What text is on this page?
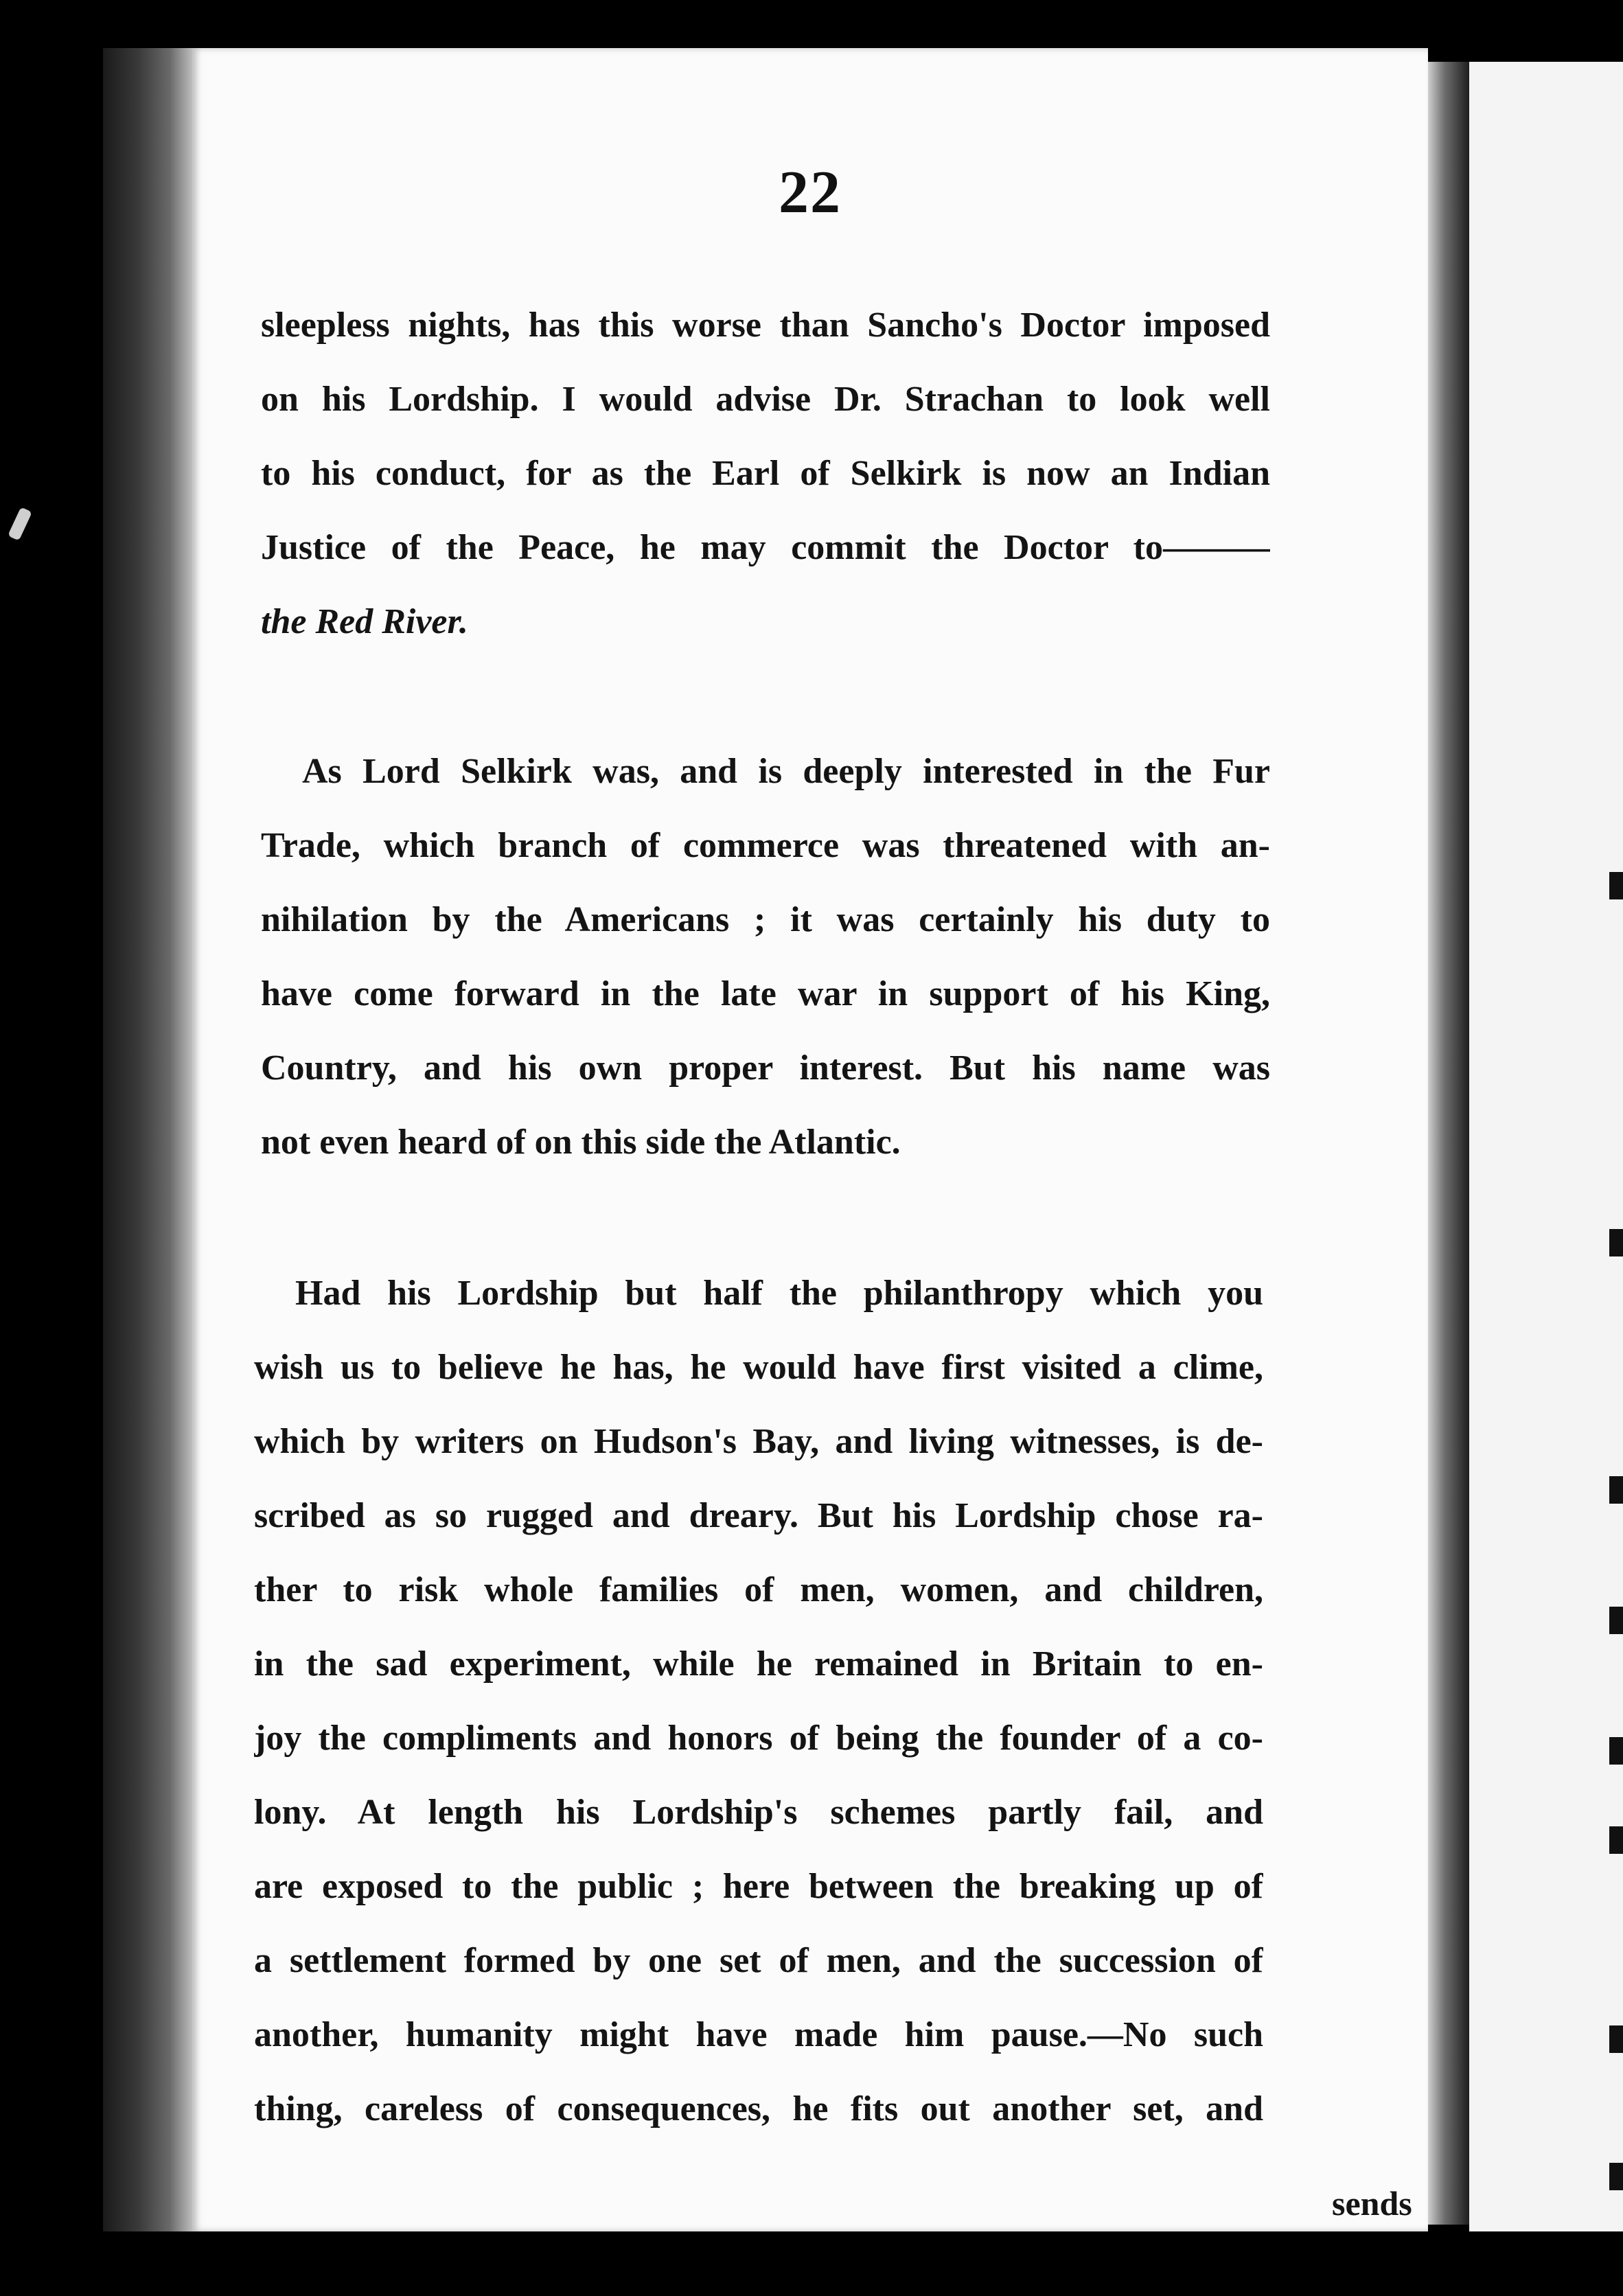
22
sleepless nights, has this worse than Sancho's Doctor imposed
on his Lordship. I would advise Dr. Strachan to look well
to his conduct, for as the Earl of Selkirk is now an Indian
Justice of the Peace, he may commit the Doctor to———
the Red River.
As Lord Selkirk was, and is deeply interested in the Fur
Trade, which branch of commerce was threatened with an-
nihilation by the Americans ; it was certainly his duty to
have come forward in the late war in support of his King,
Country, and his own proper interest. But his name was
not even heard of on this side the Atlantic.
Had his Lordship but half the philanthropy which you
wish us to believe he has, he would have first visited a clime,
which by writers on Hudson's Bay, and living witnesses, is de-
scribed as so rugged and dreary. But his Lordship chose ra-
ther to risk whole families of men, women, and children,
in the sad experiment, while he remained in Britain to en-
joy the compliments and honors of being the founder of a co-
lony. At length his Lordship's schemes partly fail, and
are exposed to the public ; here between the breaking up of
a settlement formed by one set of men, and the succession of
another, humanity might have made him pause.—No such
thing, careless of consequences, he fits out another set, and
sends
